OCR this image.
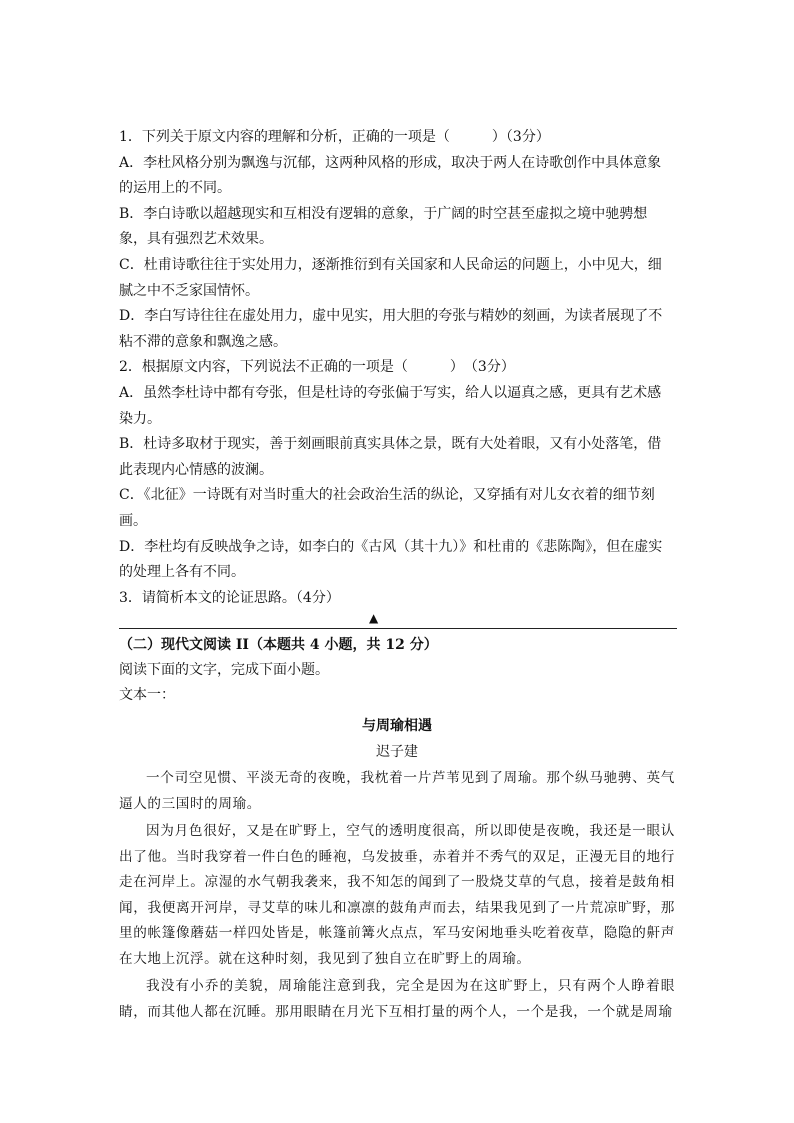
1．下列关于原文内容的理解和分析，正确的一项是（　　　）（3分）

A．李杜风格分别为飘逸与沉郁，这两种风格的形成，取决于两人在诗歌创作中具体意象的运用上的不同。

B．李白诗歌以超越现实和互相没有逻辑的意象，于广阔的时空甚至虚拟之境中驰骋想象，具有强烈艺术效果。

C．杜甫诗歌往往于实处用力，逐渐推衍到有关国家和人民命运的问题上，小中见大，细腻之中不乏家国情怀。

D．李白写诗往往在虚处用力，虚中见实，用大胆的夸张与精妙的刻画，为读者展现了不粘不滞的意象和飘逸之感。

2．根据原文内容，下列说法不正确的一项是（　　　）　（3分）

A．虽然李杜诗中都有夸张，但是杜诗的夸张偏于写实，给人以逼真之感，更具有艺术感染力。

B．杜诗多取材于现实，善于刻画眼前真实具体之景，既有大处着眼，又有小处落笔，借此表现内心情感的波澜。

C．《北征》一诗既有对当时重大的社会政治生活的纵论，又穿插有对儿女衣着的细节刻画。

D．李杜均有反映战争之诗，如李白的《古风（其十九）》和杜甫的《悲陈陶》，但在虚实的处理上各有不同。

3．请简析本文的论证思路。（4分）

▲

（二）现代文阅读 II（本题共 4 小题，共 12 分）

阅读下面的文字，完成下面小题。

文本一：

与周瑜相遇

迟子建

一个司空见惯、平淡无奇的夜晚，我枕着一片芦苇见到了周瑜。那个纵马驰骋、英气逼人的三国时的周瑜。

因为月色很好，又是在旷野上，空气的透明度很高，所以即使是夜晚，我还是一眼认出了他。当时我穿着一件白色的睡袍，乌发披垂，赤着并不秀气的双足，正漫无目的地行走在河岸上。凉湿的水气朝我袭来，我不知怎的闻到了一股烧艾草的气息，接着是鼓角相闻，我便离开河岸，寻艾草的味儿和凛凛的鼓角声而去，结果我见到了一片荒凉旷野，那里的帐篷像蘑菇一样四处皆是，帐篷前篝火点点，军马安闲地垂头吃着夜草，隐隐的鼾声在大地上沉浮。就在这种时刻，我见到了独自立在旷野上的周瑜。

我没有小乔的美貌，周瑜能注意到我，完全是因为在这旷野上，只有两个人睁着眼睛，而其他人都在沉睡。那用眼睛在月光下互相打量的两个人，一个是我，一个就是周瑜
